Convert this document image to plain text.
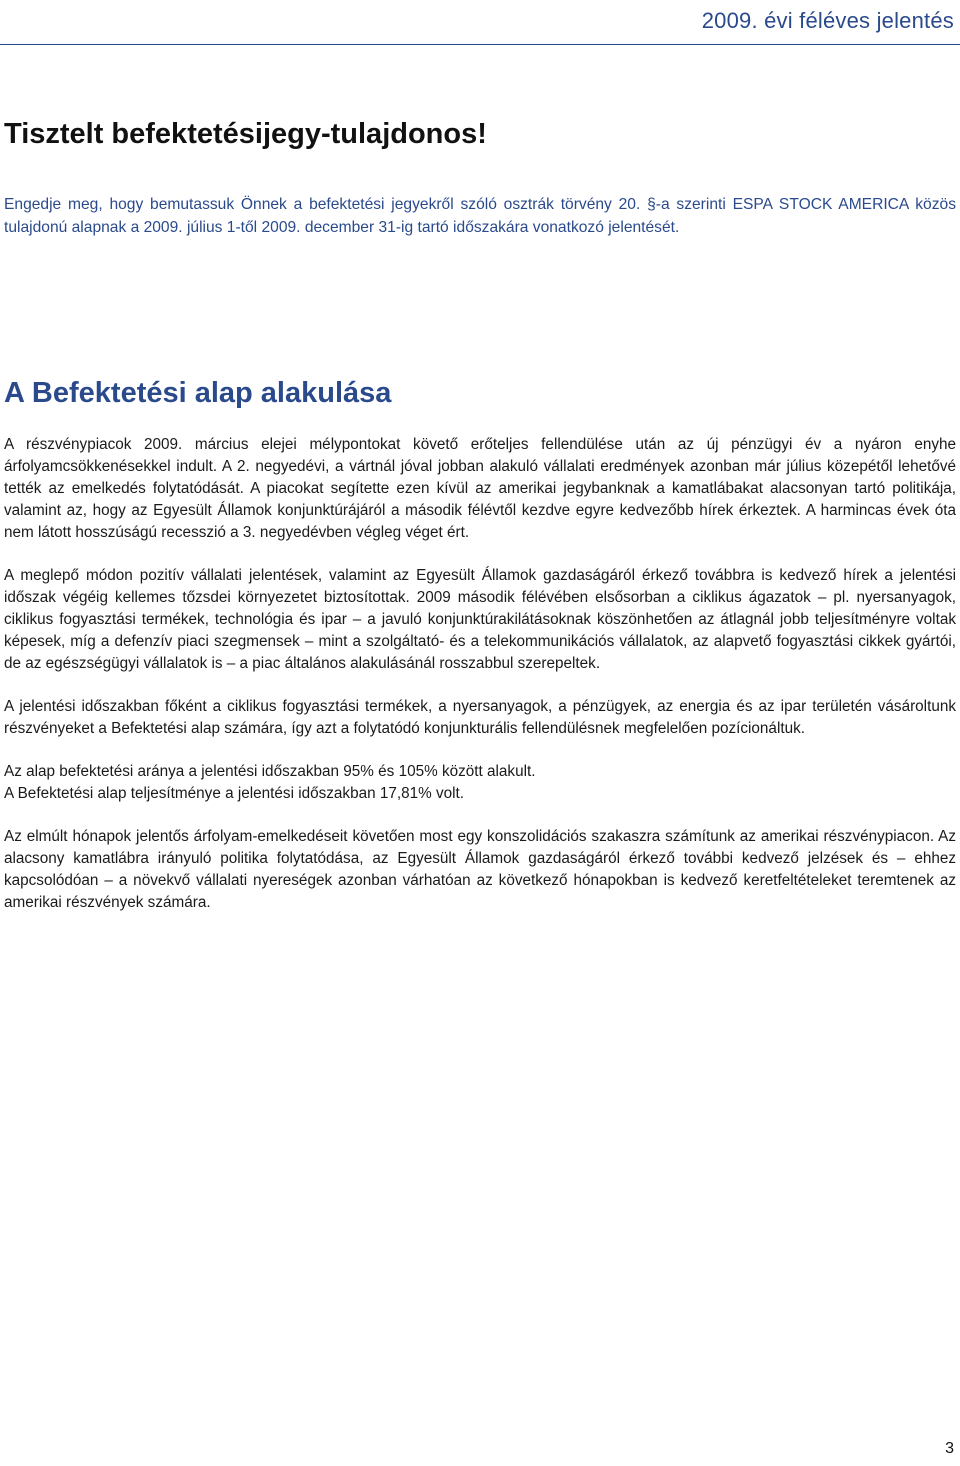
2009. évi féléves jelentés
Tisztelt befektetésijegy-tulajdonos!

Engedje meg, hogy bemutassuk Önnek a befektetési jegyekről szóló osztrák törvény 20. §-a szerinti ESPA STOCK AMERICA közös tulajdonú alapnak a 2009. július 1-től 2009. december 31-ig tartó időszakára vonatkozó jelentését.

A Befektetési alap alakulása

A részvénypiacok 2009. március elejei mélypontokat követő erőteljes fellendülése után az új pénzügyi év a nyáron enyhe árfolyamcsökkenésekkel indult. A 2. negyedévi, a vártnál jóval jobban alakuló vállalati eredmények azonban már július közepétől lehetővé tették az emelkedés folytatódását. A piacokat segítette ezen kívül az amerikai jegybanknak a kamatlábakat alacsonyan tartó politikája, valamint az, hogy az Egyesült Államok konjunktúrájáról a második félévtől kezdve egyre kedvezőbb hírek érkeztek. A harmincas évek óta nem látott hosszúságú recesszió a 3. negyedévben végleg véget ért.

A meglepő módon pozitív vállalati jelentések, valamint az Egyesült Államok gazdaságáról érkező továbbra is kedvező hírek a jelentési időszak végéig kellemes tőzsdei környezetet biztosítottak. 2009 második félévében elsősorban a ciklikus ágazatok – pl. nyersanyagok, ciklikus fogyasztási termékek, technológia és ipar – a javuló konjunktúrakilátásoknak köszönhetően az átlagnál jobb teljesítményre voltak képesek, míg a defenzív piaci szegmensek – mint a szolgáltató- és a telekommunikációs vállalatok, az alapvető fogyasztási cikkek gyártói, de az egészségügyi vállalatok is – a piac általános alakulásánál rosszabbul szerepeltek.

A jelentési időszakban főként a ciklikus fogyasztási termékek, a nyersanyagok, a pénzügyek, az energia és az ipar területén vásároltunk részvényeket a Befektetési alap számára, így azt a folytatódó konjunkturális fellendülésnek megfelelően pozícionáltuk.

Az alap befektetési aránya a jelentési időszakban 95% és 105% között alakult.

A Befektetési alap teljesítménye a jelentési időszakban 17,81% volt.

Az elmúlt hónapok jelentős árfolyam-emelkedéseit követően most egy konszolidációs szakaszra számítunk az amerikai részvénypiacon. Az alacsony kamatlábra irányuló politika folytatódása, az Egyesült Államok gazdaságáról érkező további kedvező jelzések és – ehhez kapcsolódóan – a növekvő vállalati nyereségek azonban várhatóan az következő hónapokban is kedvező keretfeltételeket teremtenek az amerikai részvények számára.

3
